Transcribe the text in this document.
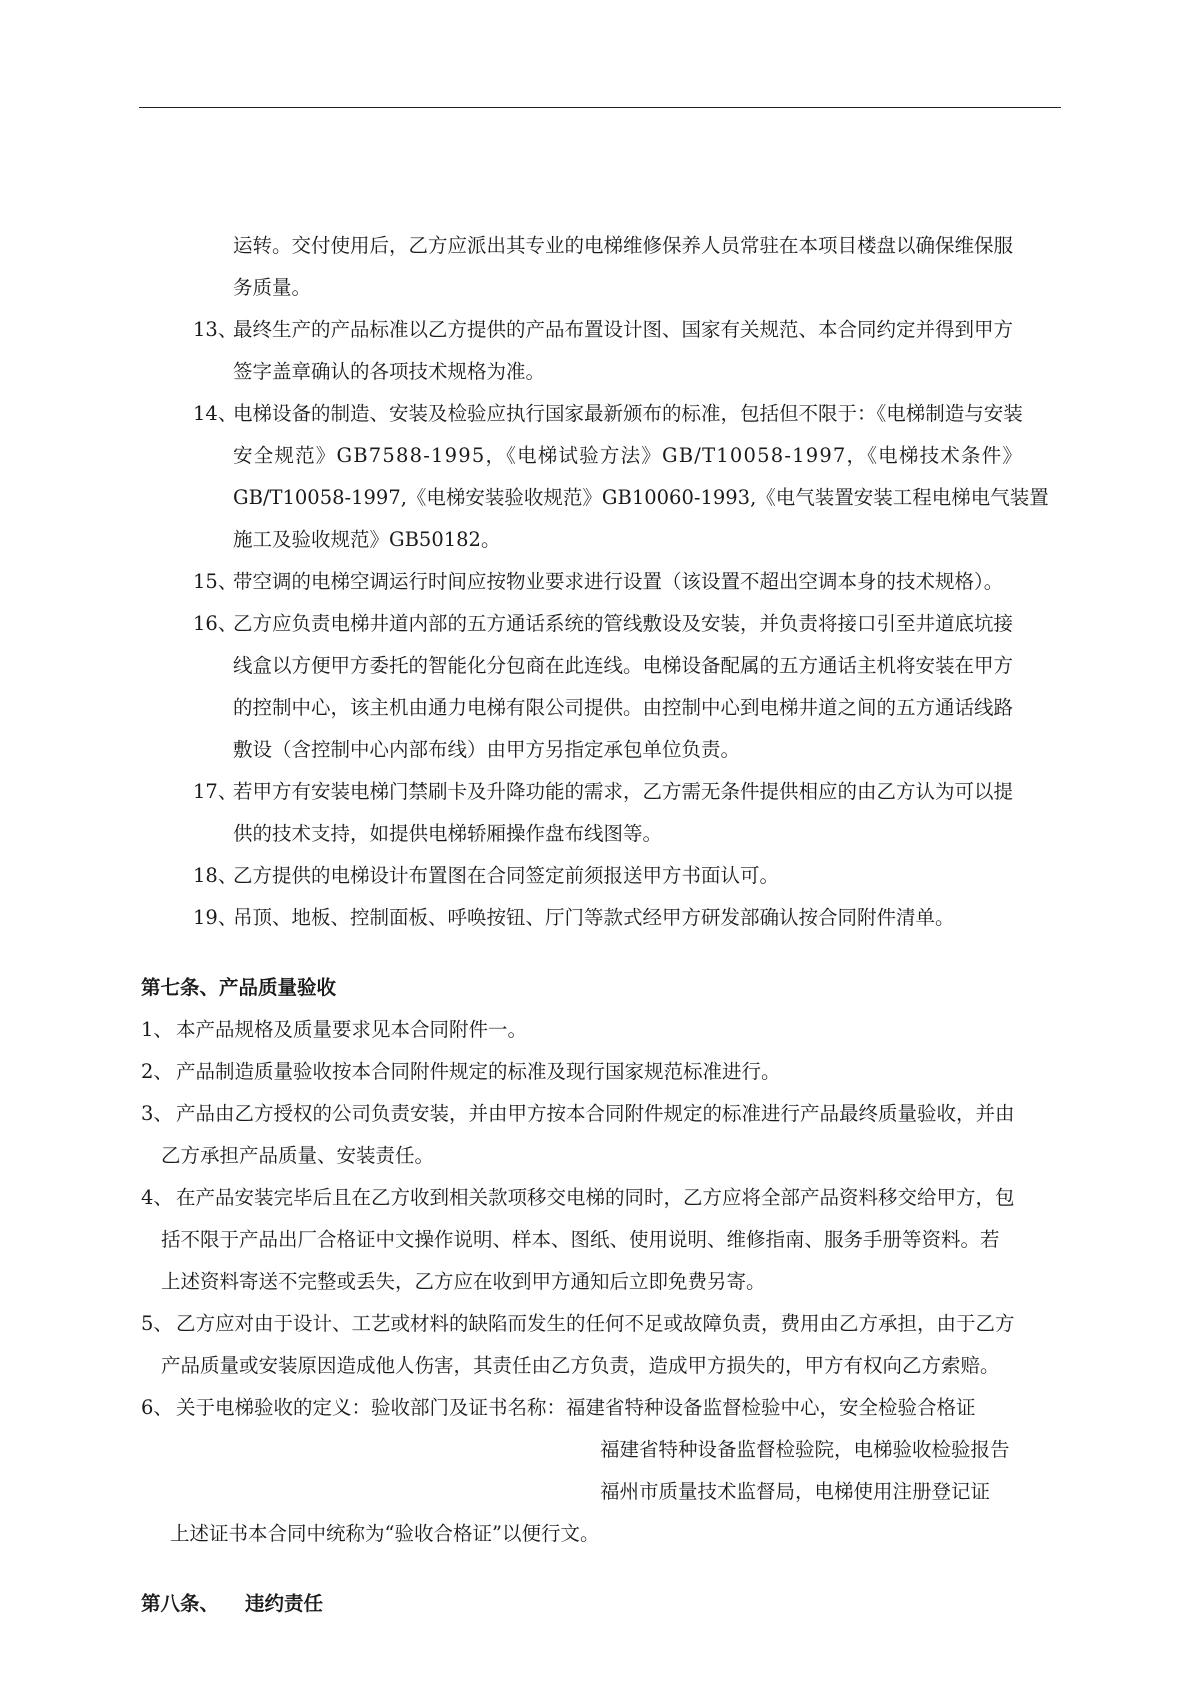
运转。交付使用后，乙方应派出其专业的电梯维修保养人员常驻在本项目楼盘以确保维保服
务质量。
13、
最终生产的产品标准以乙方提供的产品布置设计图、国家有关规范、本合同约定并得到甲方
签字盖章确认的各项技术规格为准。
14、
电梯设备的制造、安装及检验应执行国家最新颁布的标准，包括但不限于：《电梯制造与安装
安全规范》GB7588-1995，《电梯试验方法》GB/T10058-1997，《电梯技术条件》
GB/T10058-1997,《电梯安装验收规范》GB10060-1993,《电气装置安装工程电梯电气装置
施工及验收规范》GB50182。
15、
带空调的电梯空调运行时间应按物业要求进行设置（该设置不超出空调本身的技术规格）。
16、
乙方应负责电梯井道内部的五方通话系统的管线敷设及安装，并负责将接口引至井道底坑接
线盒以方便甲方委托的智能化分包商在此连线。电梯设备配属的五方通话主机将安装在甲方
的控制中心，该主机由通力电梯有限公司提供。由控制中心到电梯井道之间的五方通话线路
敷设（含控制中心内部布线）由甲方另指定承包单位负责。
17、
若甲方有安装电梯门禁刷卡及升降功能的需求，乙方需无条件提供相应的由乙方认为可以提
供的技术支持，如提供电梯轿厢操作盘布线图等。
18、
乙方提供的电梯设计布置图在合同签定前须报送甲方书面认可。
19、
吊顶、地板、控制面板、呼唤按钮、厅门等款式经甲方研发部确认按合同附件清单。
第七条、产品质量验收
1、 本产品规格及质量要求见本合同附件一。
2、 产品制造质量验收按本合同附件规定的标准及现行国家规范标准进行。
3、 产品由乙方授权的公司负责安装，并由甲方按本合同附件规定的标准进行产品最终质量验收，并由
乙方承担产品质量、安装责任。
4、 在产品安装完毕后且在乙方收到相关款项移交电梯的同时，乙方应将全部产品资料移交给甲方，包
括不限于产品出厂合格证中文操作说明、样本、图纸、使用说明、维修指南、服务手册等资料。若
上述资料寄送不完整或丢失，乙方应在收到甲方通知后立即免费另寄。
5、 乙方应对由于设计、工艺或材料的缺陷而发生的任何不足或故障负责，费用由乙方承担，由于乙方
产品质量或安装原因造成他人伤害，其责任由乙方负责，造成甲方损失的，甲方有权向乙方索赔。
6、 关于电梯验收的定义：验收部门及证书名称：福建省特种设备监督检验中心，安全检验合格证
福建省特种设备监督检验院，电梯验收检验报告
福州市质量技术监督局，电梯使用注册登记证
上述证书本合同中统称为“验收合格证”以便行文。
第八条、	违约责任
